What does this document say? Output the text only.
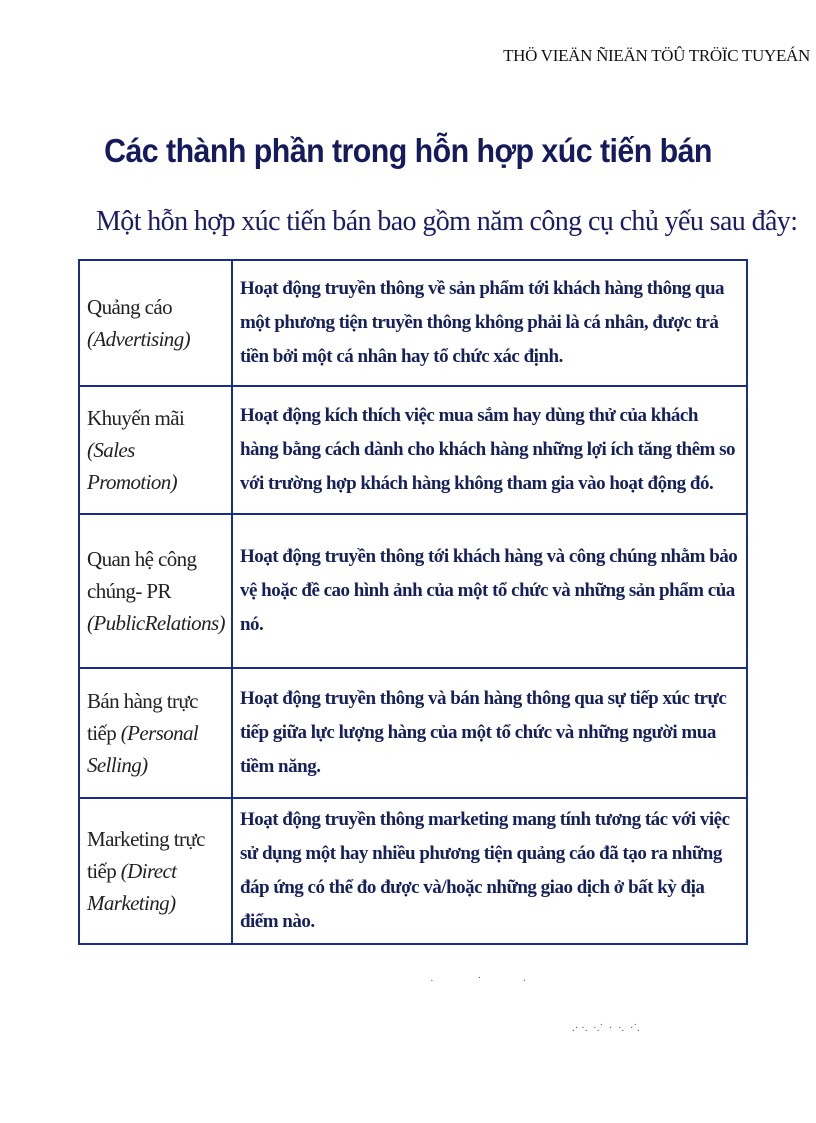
THÖ VIEÄN ÑIEÄN TÖÛ TRÖÏC TUYEÁN
Các thành phần trong hỗn hợp xúc tiến bán
Một hỗn hợp xúc tiến bán bao gồm năm công cụ chủ yếu sau đây:
Quảng cáo
(Advertising)	Hoạt động truyền thông về sản phẩm tới khách hàng thông qua một phương tiện truyền thông không phải là cá nhân, được trả tiền bởi một cá nhân hay tổ chức xác định.
Khuyến mãi
(Sales Promotion)	Hoạt động kích thích việc mua sắm hay dùng thử của khách hàng bằng cách dành cho khách hàng những lợi ích tăng thêm so với trường hợp khách hàng không tham gia vào hoạt động đó.
Quan hệ công chúng- PR
(PublicRelations)	Hoạt động truyền thông tới khách hàng và công chúng nhằm bảo vệ hoặc đề cao hình ảnh của một tổ chức và những sản phẩm của nó.
Bán hàng trực tiếp (Personal Selling)	Hoạt động truyền thông và bán hàng thông qua sự tiếp xúc trực tiếp giữa lực lượng hàng của một tổ chức và những người mua tiềm năng.
Marketing trực tiếp (Direct Marketing)	Hoạt động truyền thông marketing mang tính tương tác với việc sử dụng một hay nhiều phương tiện quảng cáo đã tạo ra những đáp ứng có thể đo được và/hoặc những giao dịch ở bất kỳ địa điểm nào.
·                ˙               ·
.· ·.  ·.˙  ·  ·.  ·˙.
